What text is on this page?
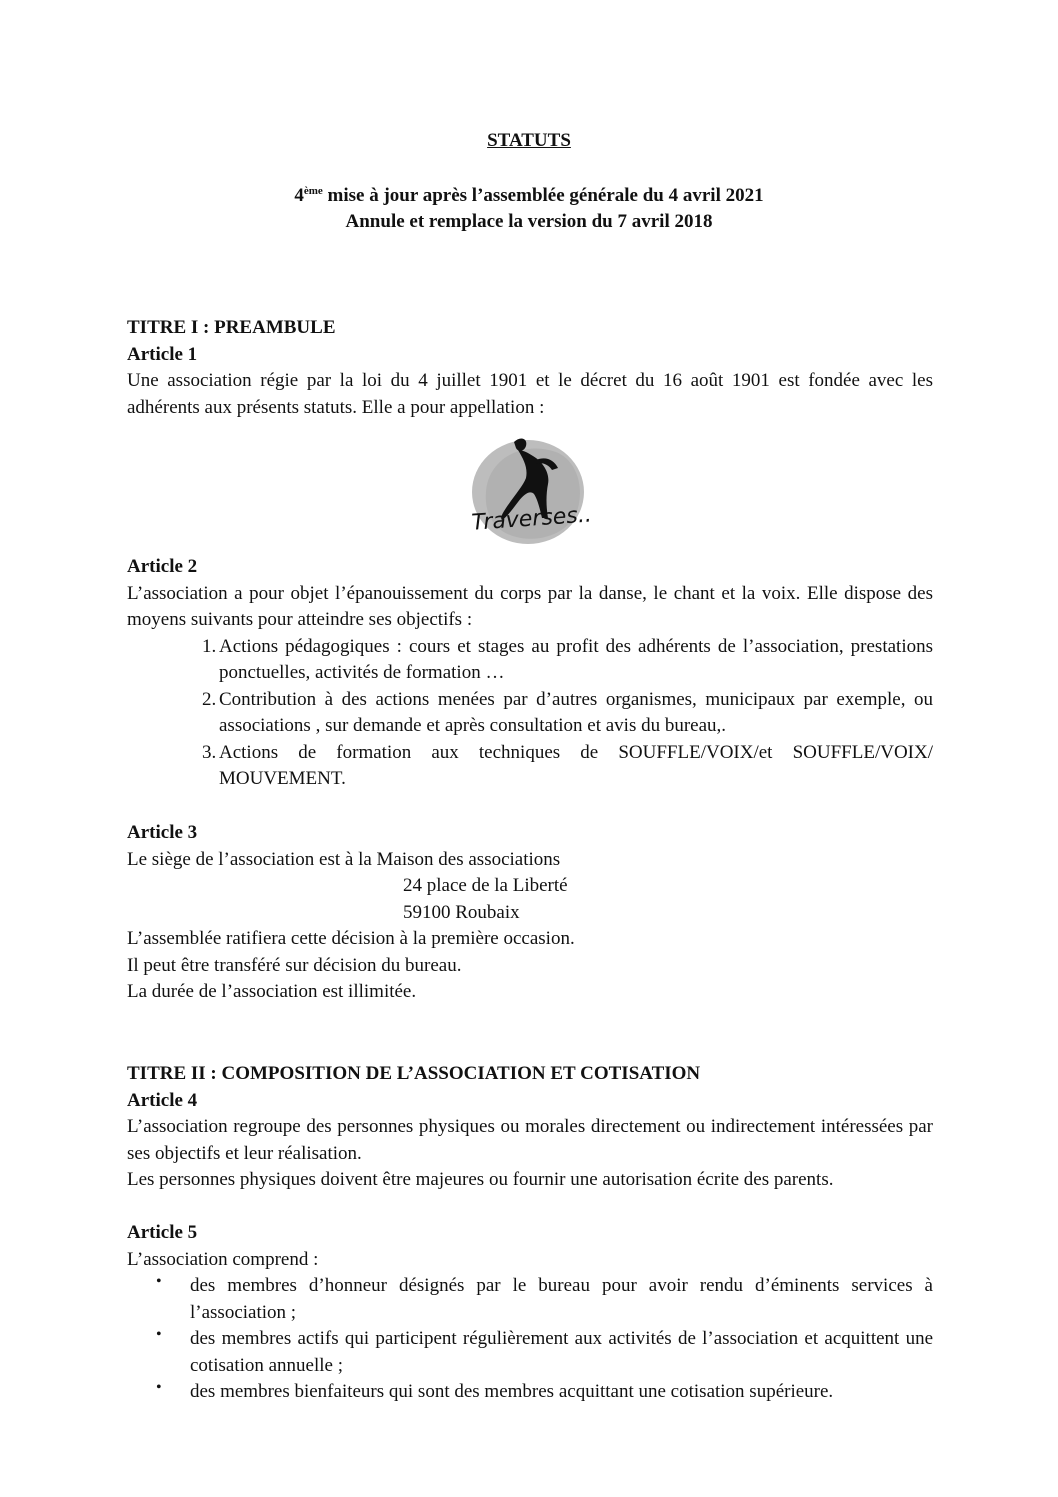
STATUTS
4ème mise à jour après l’assemblée générale du 4 avril 2021
Annule et remplace la version du 7 avril 2018
TITRE I : PREAMBULE
Article 1

Une association régie par la loi du 4 juillet 1901 et le décret du 16 août 1901 est fondée avec les adhérents aux présents statuts. Elle a pour appellation :

Traverses...
Article 2

L’association a pour objet l’épanouissement du corps par la danse, le chant et la voix. Elle dispose des moyens suivants pour atteindre ses objectifs :

1. Actions pédagogiques : cours et stages au profit des adhérents de l’association, prestations ponctuelles, activités de formation …
2. Contribution à des actions menées par d’autres organismes, municipaux par exemple, ou associations , sur demande et après consultation et avis du bureau,.
3. Actions de formation aux techniques de SOUFFLE/VOIX/et SOUFFLE/VOIX/ MOUVEMENT.
Article 3
Le siège de l’association est à la Maison des associations
24 place de la Liberté
59100 Roubaix
L’assemblée ratifiera cette décision à la première occasion.
Il peut être transféré sur décision du bureau.
La durée de l’association est illimitée.
TITRE II : COMPOSITION DE L’ASSOCIATION ET COTISATION
Article 4

L’association regroupe des personnes physiques ou morales directement ou indirectement intéressées par ses objectifs et leur réalisation.

Les personnes physiques doivent être majeures ou fournir une autorisation écrite des parents.

Article 5
L’association comprend :
• des membres d’honneur désignés par le bureau pour avoir rendu d’éminents services à l’association ;
• des membres actifs qui participent régulièrement aux activités de l’association et acquittent une cotisation annuelle ;
• des membres bienfaiteurs qui sont des membres acquittant une cotisation supérieure.
